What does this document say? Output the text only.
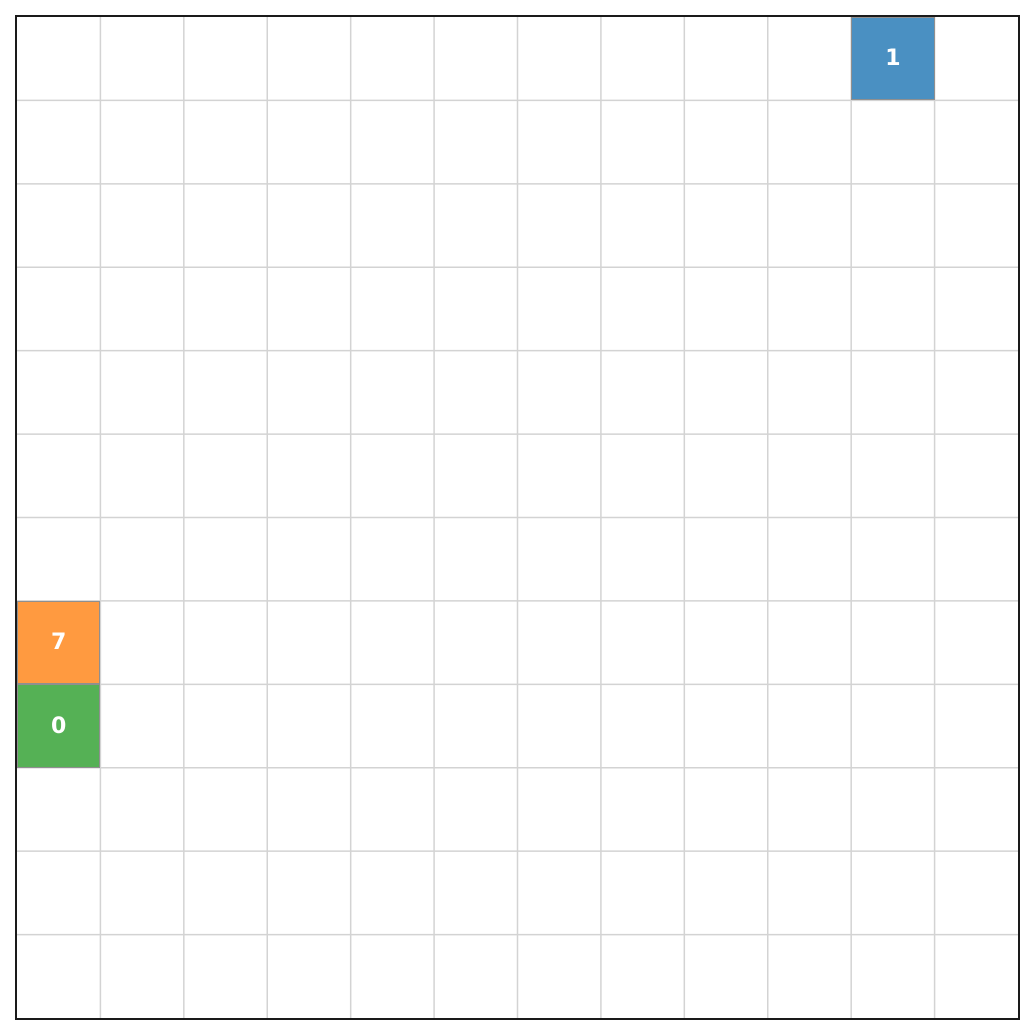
1
7
0
